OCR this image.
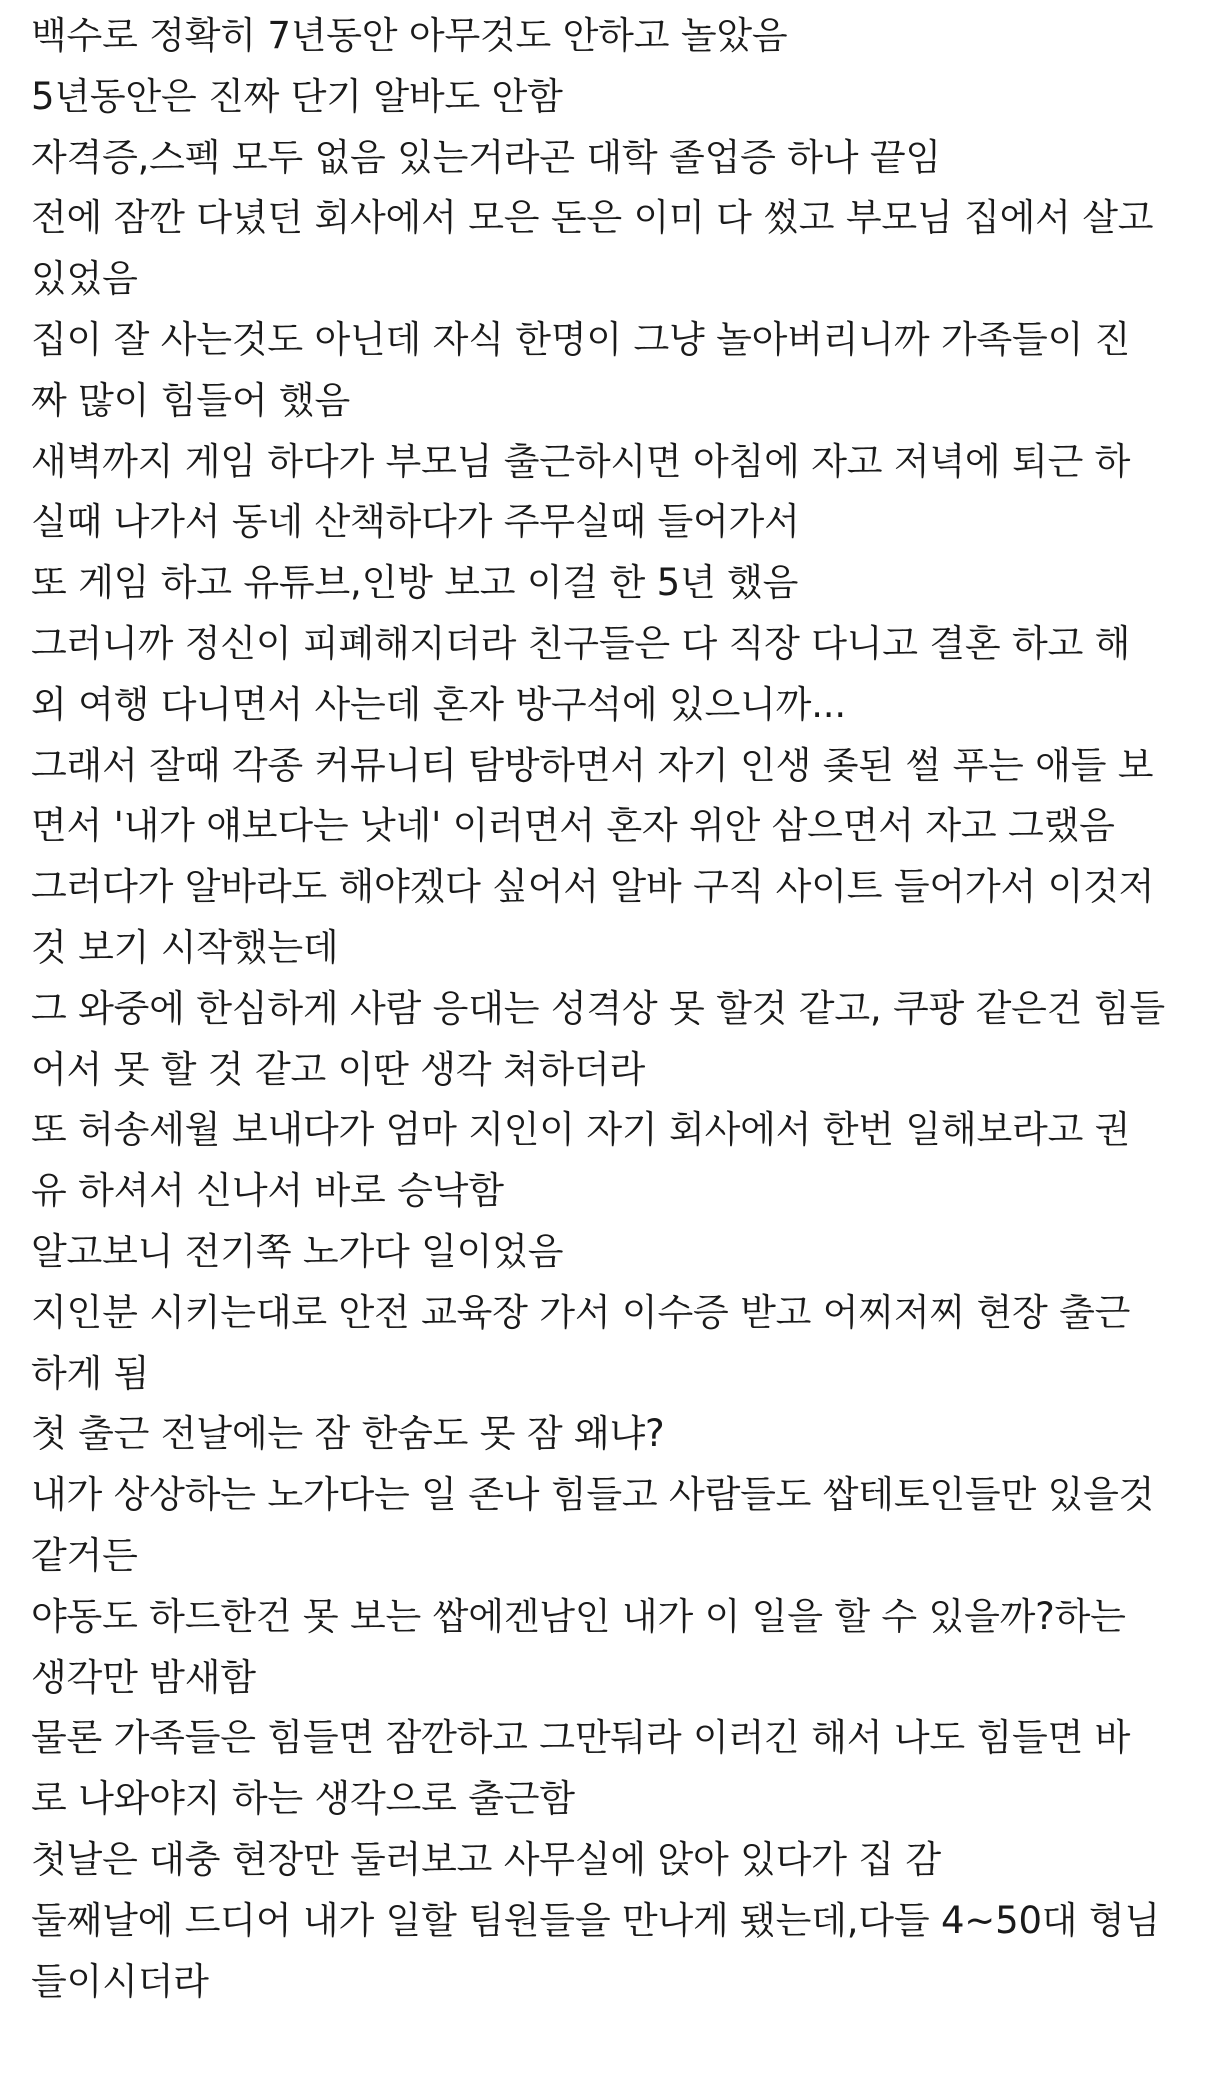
백수로 정확히 7년동안 아무것도 안하고 놀았음

5년동안은 진짜 단기 알바도 안함

자격증,스펙 모두 없음 있는거라곤 대학 졸업증 하나 끝임

전에 잠깐 다녔던 회사에서 모은 돈은 이미 다 썼고 부모님 집에서 살고
있었음

집이 잘 사는것도 아닌데 자식 한명이 그냥 놀아버리니까 가족들이 진
짜 많이 힘들어 했음

새벽까지 게임 하다가 부모님 출근하시면 아침에 자고 저녁에 퇴근 하
실때 나가서 동네 산책하다가 주무실때 들어가서

또 게임 하고 유튜브,인방 보고 이걸 한 5년 했음

그러니까 정신이 피폐해지더라 친구들은 다 직장 다니고 결혼 하고 해
외 여행 다니면서 사는데 혼자 방구석에 있으니까...

그래서 잘때 각종 커뮤니티 탐방하면서 자기 인생 좆된 썰 푸는 애들 보
면서 '내가 얘보다는 낫네' 이러면서 혼자 위안 삼으면서 자고 그랬음

그러다가 알바라도 해야겠다 싶어서 알바 구직 사이트 들어가서 이것저
것 보기 시작했는데

그 와중에 한심하게 사람 응대는 성격상 못 할것 같고, 쿠팡 같은건 힘들
어서 못 할 것 같고 이딴 생각 쳐하더라

또 허송세월 보내다가 엄마 지인이 자기 회사에서 한번 일해보라고 권
유 하셔서 신나서 바로 승낙함

알고보니 전기쪽 노가다 일이었음

지인분 시키는대로 안전 교육장 가서 이수증 받고 어찌저찌 현장 출근
하게 됨

첫 출근 전날에는 잠 한숨도 못 잠 왜냐?

내가 상상하는 노가다는 일 존나 힘들고 사람들도 쌉테토인들만 있을것
같거든

야동도 하드한건 못 보는 쌉에겐남인 내가 이 일을 할 수 있을까?하는
생각만 밤새함

물론 가족들은 힘들면 잠깐하고 그만둬라 이러긴 해서 나도 힘들면 바
로 나와야지 하는 생각으로 출근함

첫날은 대충 현장만 둘러보고 사무실에 앉아 있다가 집 감

둘째날에 드디어 내가 일할 팀원들을 만나게 됐는데,다들 4~50대 형님
들이시더라
